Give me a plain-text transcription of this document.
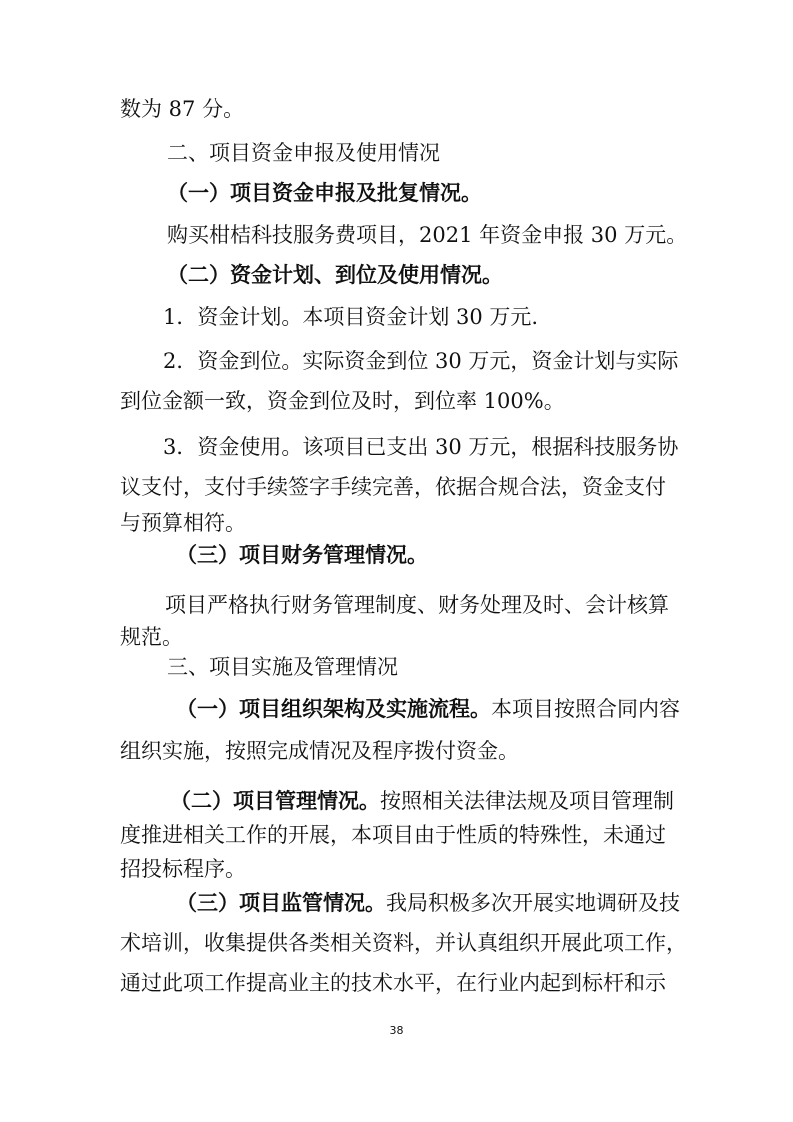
数为 87 分。
二、项目资金申报及使用情况
（一）项目资金申报及批复情况。
购买柑桔科技服务费项目，2021 年资金申报 30 万元。
（二）资金计划、到位及使用情况。
1．资金计划。本项目资金计划 30 万元.
2．资金到位。实际资金到位 30 万元，资金计划与实际
到位金额一致，资金到位及时，到位率 100%。
3．资金使用。该项目已支出 30 万元，根据科技服务协
议支付，支付手续签字手续完善，依据合规合法，资金支付
与预算相符。
（三）项目财务管理情况。
项目严格执行财务管理制度、财务处理及时、会计核算
规范。
三、项目实施及管理情况
（一）项目组织架构及实施流程。本项目按照合同内容
组织实施，按照完成情况及程序拨付资金。
（二）项目管理情况。按照相关法律法规及项目管理制
度推进相关工作的开展，本项目由于性质的特殊性，未通过
招投标程序。
（三）项目监管情况。我局积极多次开展实地调研及技
术培训，收集提供各类相关资料，并认真组织开展此项工作，
通过此项工作提高业主的技术水平，在行业内起到标杆和示
38
